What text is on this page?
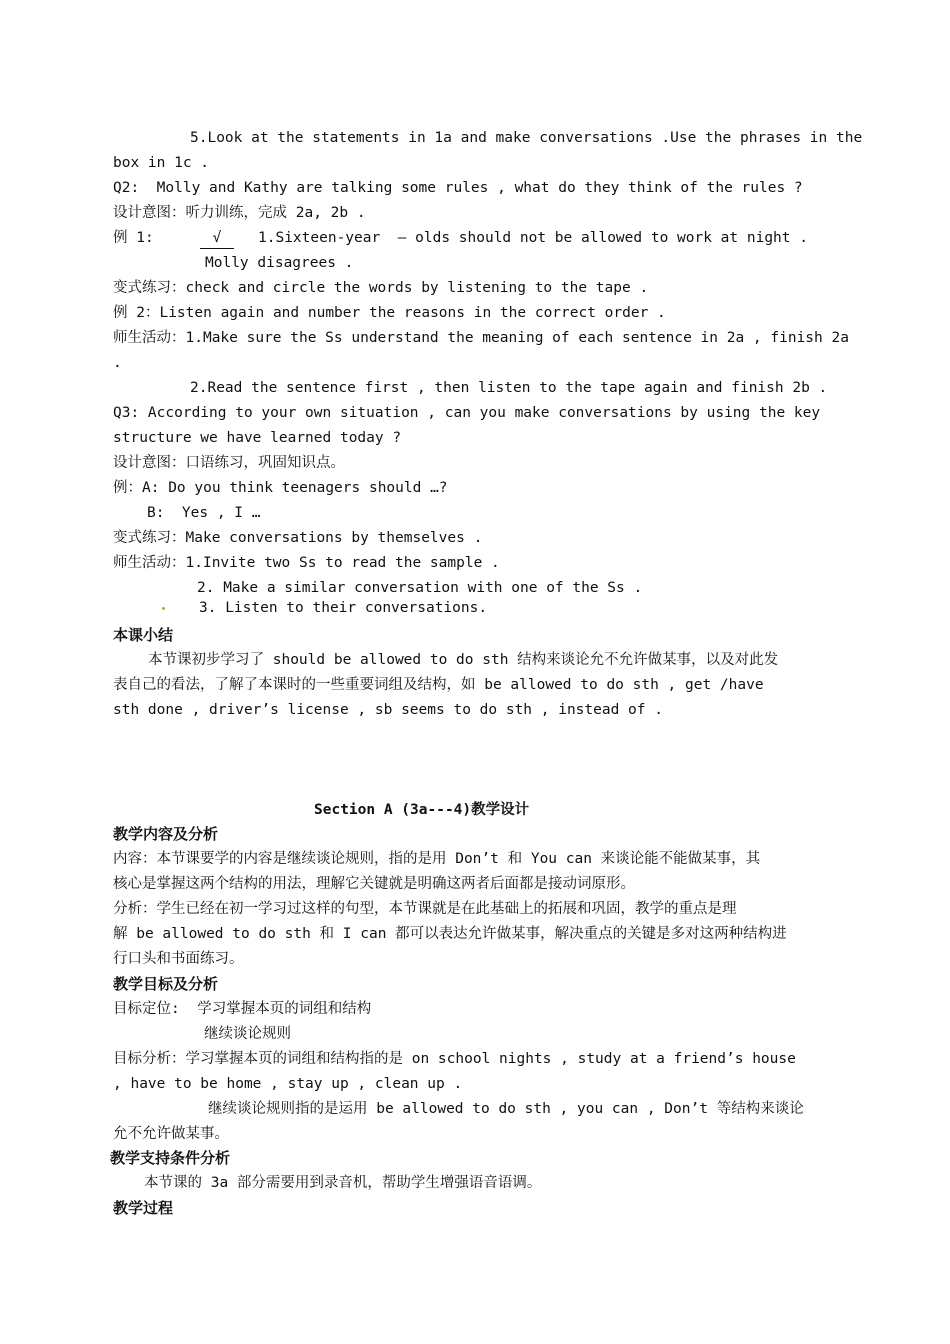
5.Look at the statements in 1a and make conversations .Use the phrases in the
box in 1c .
Q2:  Molly and Kathy are talking some rules , what do they think of the rules ?
设计意图：听力训练，完成 2a, 2b .
例 1:	√	1.Sixteen-year  – olds should not be allowed to work at night .
Molly disagrees .
变式练习：check and circle the words by listening to the tape .
例 2：Listen again and number the reasons in the correct order .
师生活动：1.Make sure the Ss understand the meaning of each sentence in 2a , finish 2a
.
2.Read the sentence first , then listen to the tape again and finish 2b .
Q3: According to your own situation , can you make conversations by using the key
structure we have learned today ?
设计意图：口语练习，巩固知识点。
例：A: Do you think teenagers should …?
B:  Yes , I …
变式练习：Make conversations by themselves .
师生活动：1.Invite two Ss to read the sample .
2. Make a similar conversation with one of the Ss .
3. Listen to their conversations.
本课小结
本节课初步学习了 should be allowed to do sth 结构来谈论允不允许做某事，以及对此发
表自己的看法，了解了本课时的一些重要词组及结构，如 be allowed to do sth , get /have
sth done , driver’s license , sb seems to do sth , instead of .
Section A (3a---4)教学设计
教学内容及分析
内容：本节课要学的内容是继续谈论规则，指的是用 Don’t 和 You can 来谈论能不能做某事，其
核心是掌握这两个结构的用法，理解它关键就是明确这两者后面都是接动词原形。
分析：学生已经在初一学习过这样的句型，本节课就是在此基础上的拓展和巩固，教学的重点是理
解 be allowed to do sth 和 I can 都可以表达允许做某事，解决重点的关键是多对这两种结构进
行口头和书面练习。
教学目标及分析
目标定位:  学习掌握本页的词组和结构
继续谈论规则
目标分析：学习掌握本页的词组和结构指的是 on school nights , study at a friend’s house
, have to be home , stay up , clean up .
继续谈论规则指的是运用 be allowed to do sth , you can , Don’t 等结构来谈论
允不允许做某事。
教学支持条件分析
本节课的 3a 部分需要用到录音机，帮助学生增强语音语调。
教学过程
